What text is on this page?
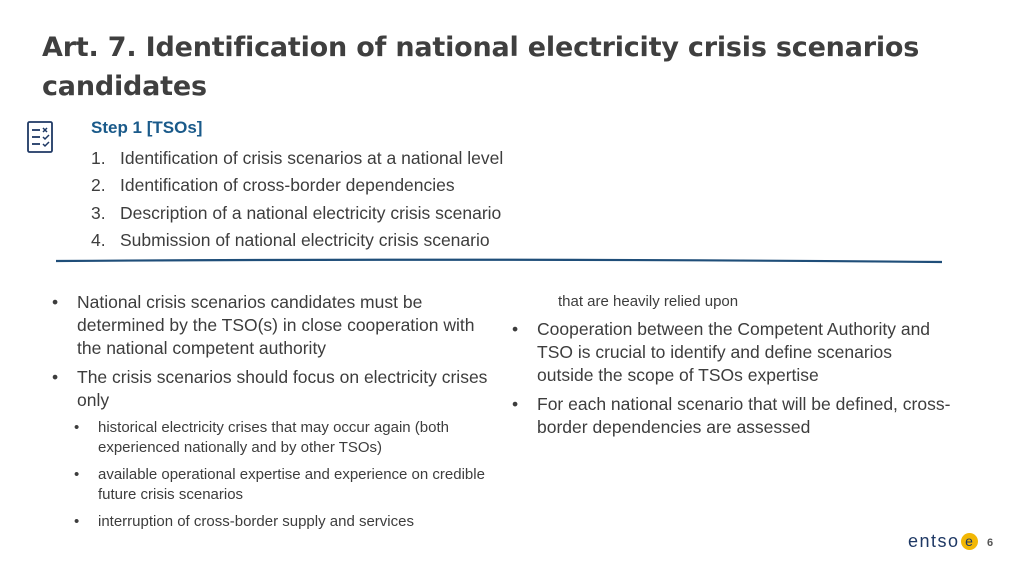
Art. 7. Identification of national electricity crisis scenarios candidates
Step 1 [TSOs]
1. Identification of crisis scenarios at a national level
2. Identification of cross-border dependencies
3. Description of a national electricity crisis scenario
4. Submission of national electricity crisis scenario
• National crisis scenarios candidates must be determined by the TSO(s) in close cooperation with the national competent authority
• The crisis scenarios should focus on electricity crises only
• historical electricity crises that may occur again (both experienced nationally and by other TSOs)
• available operational expertise and experience on credible future crisis scenarios
• interruption of cross-border supply and services
that are heavily relied upon
• Cooperation between the Competent Authority and TSO is crucial to identify and define scenarios outside the scope of TSOs expertise
• For each national scenario that will be defined, cross-border dependencies are assessed
entso e	6
